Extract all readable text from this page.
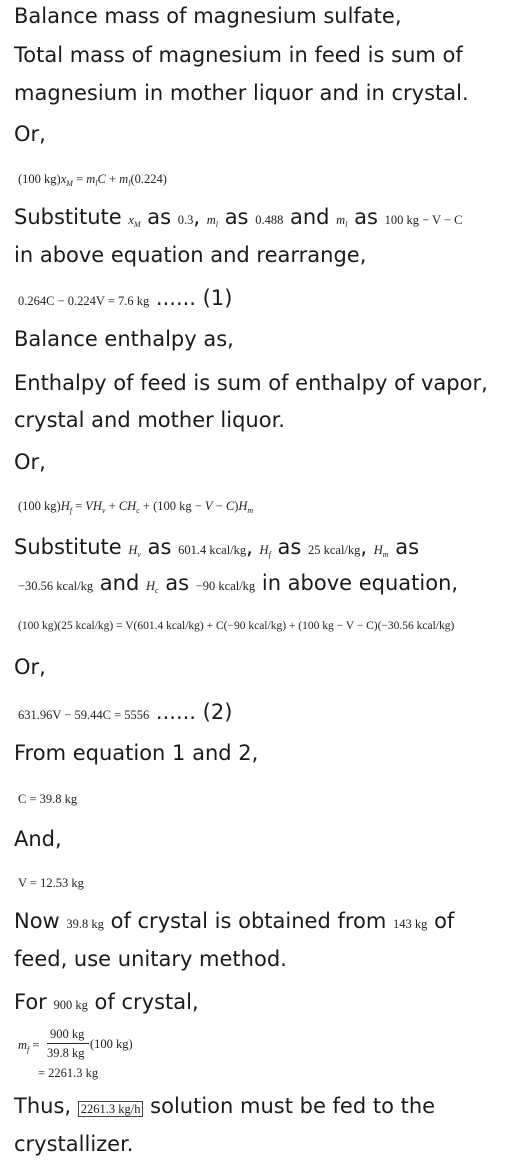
Balance mass of magnesium sulfate,
Total mass of magnesium in feed is sum of
magnesium in mother liquor and in crystal.
Or,
(100 $kg)x_M = m_lC + m_l(0.224)$
Substitute $x_M$ as 0.3, $m_l$ as 0.488 and $m_l$ as 100 kg − V − C
in above equation and rearrange,
0.264C − 0.224V = 7.6 kg ...... (1)
Balance enthalpy as,
Enthalpy of feed is sum of enthalpy of vapor,
crystal and mother liquor.
Or,
(100 $kg)H_f = VH_v + CH_c + (100$ kg − $V - C)H_m$
Substitute $H_v$ as 601.4 kcal/kg, $H_f$ as 25 kcal/kg, $H_m$ as
−30.56 kcal/kg and $H_c$ as −90 kcal/kg in above equation,
(100 kg)(25 kcal/kg) = V(601.4 kcal/kg) + C(−90 kcal/kg) + (100 kg − V − C)(−30.56 kcal/kg)
Or,
631.96V − 59.44C = 5556 ...... (2)
From equation 1 and 2,
C = 39.8 kg
And,
V = 12.53 kg
Now 39.8 kg of crystal is obtained from 143 kg of
feed, use unitary method.
For 900 kg of crystal,
$m_f$ =
900 kg
39.8 kg
(100 kg)
= 2261.3 kg
Thus, 2261.3 kg/h solution must be fed to the
crystallizer.
